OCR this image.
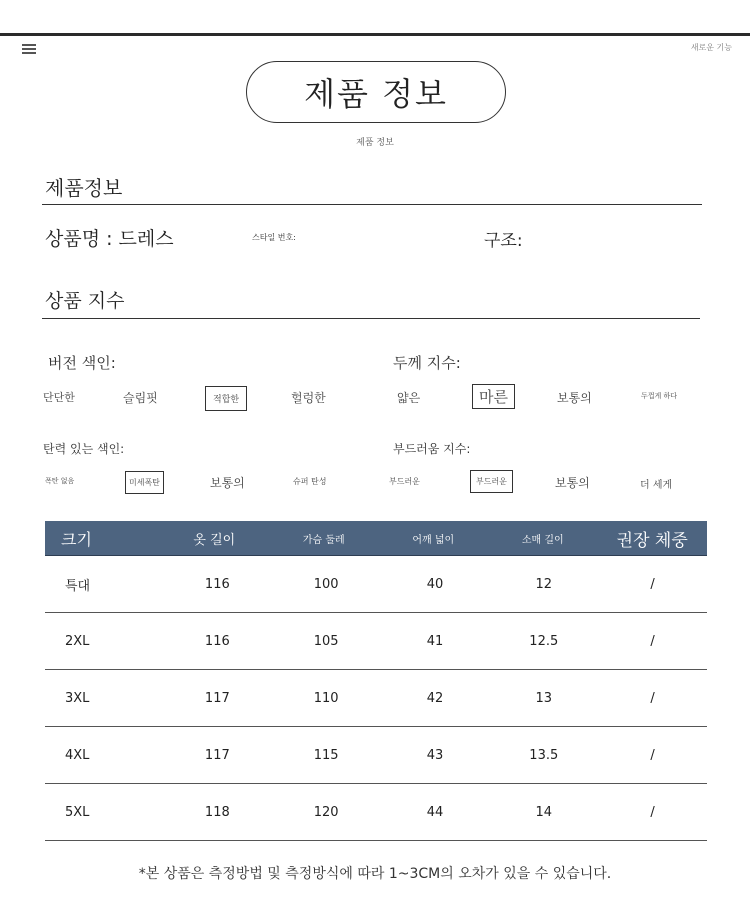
새로운 기능
제품 정보
제품 정보
제품정보
상품명 : 드레스	스타일 번호:	구조:
상품 지수
버전 색인:
단단한	슬림핏	적합한	헐렁한
두께 지수:
얇은	마른	보통의	두껍게 하다
탄력 있는 색인:
폭탄 없음	미세폭탄	보통의	슈퍼 탄성
부드러움 지수:
부드러운	부드러운	보통의	더 세게
크기	옷 길이	가슴 둘레	어깨 넓이	소매 길이	권장 체중
특대	116	100	40	12	/
2XL	116	105	41	12.5	/
3XL	117	110	42	13	/
4XL	117	115	43	13.5	/
5XL	118	120	44	14	/
*본 상품은 측정방법 및 측정방식에 따라 1~3CM의 오차가 있을 수 있습니다.
